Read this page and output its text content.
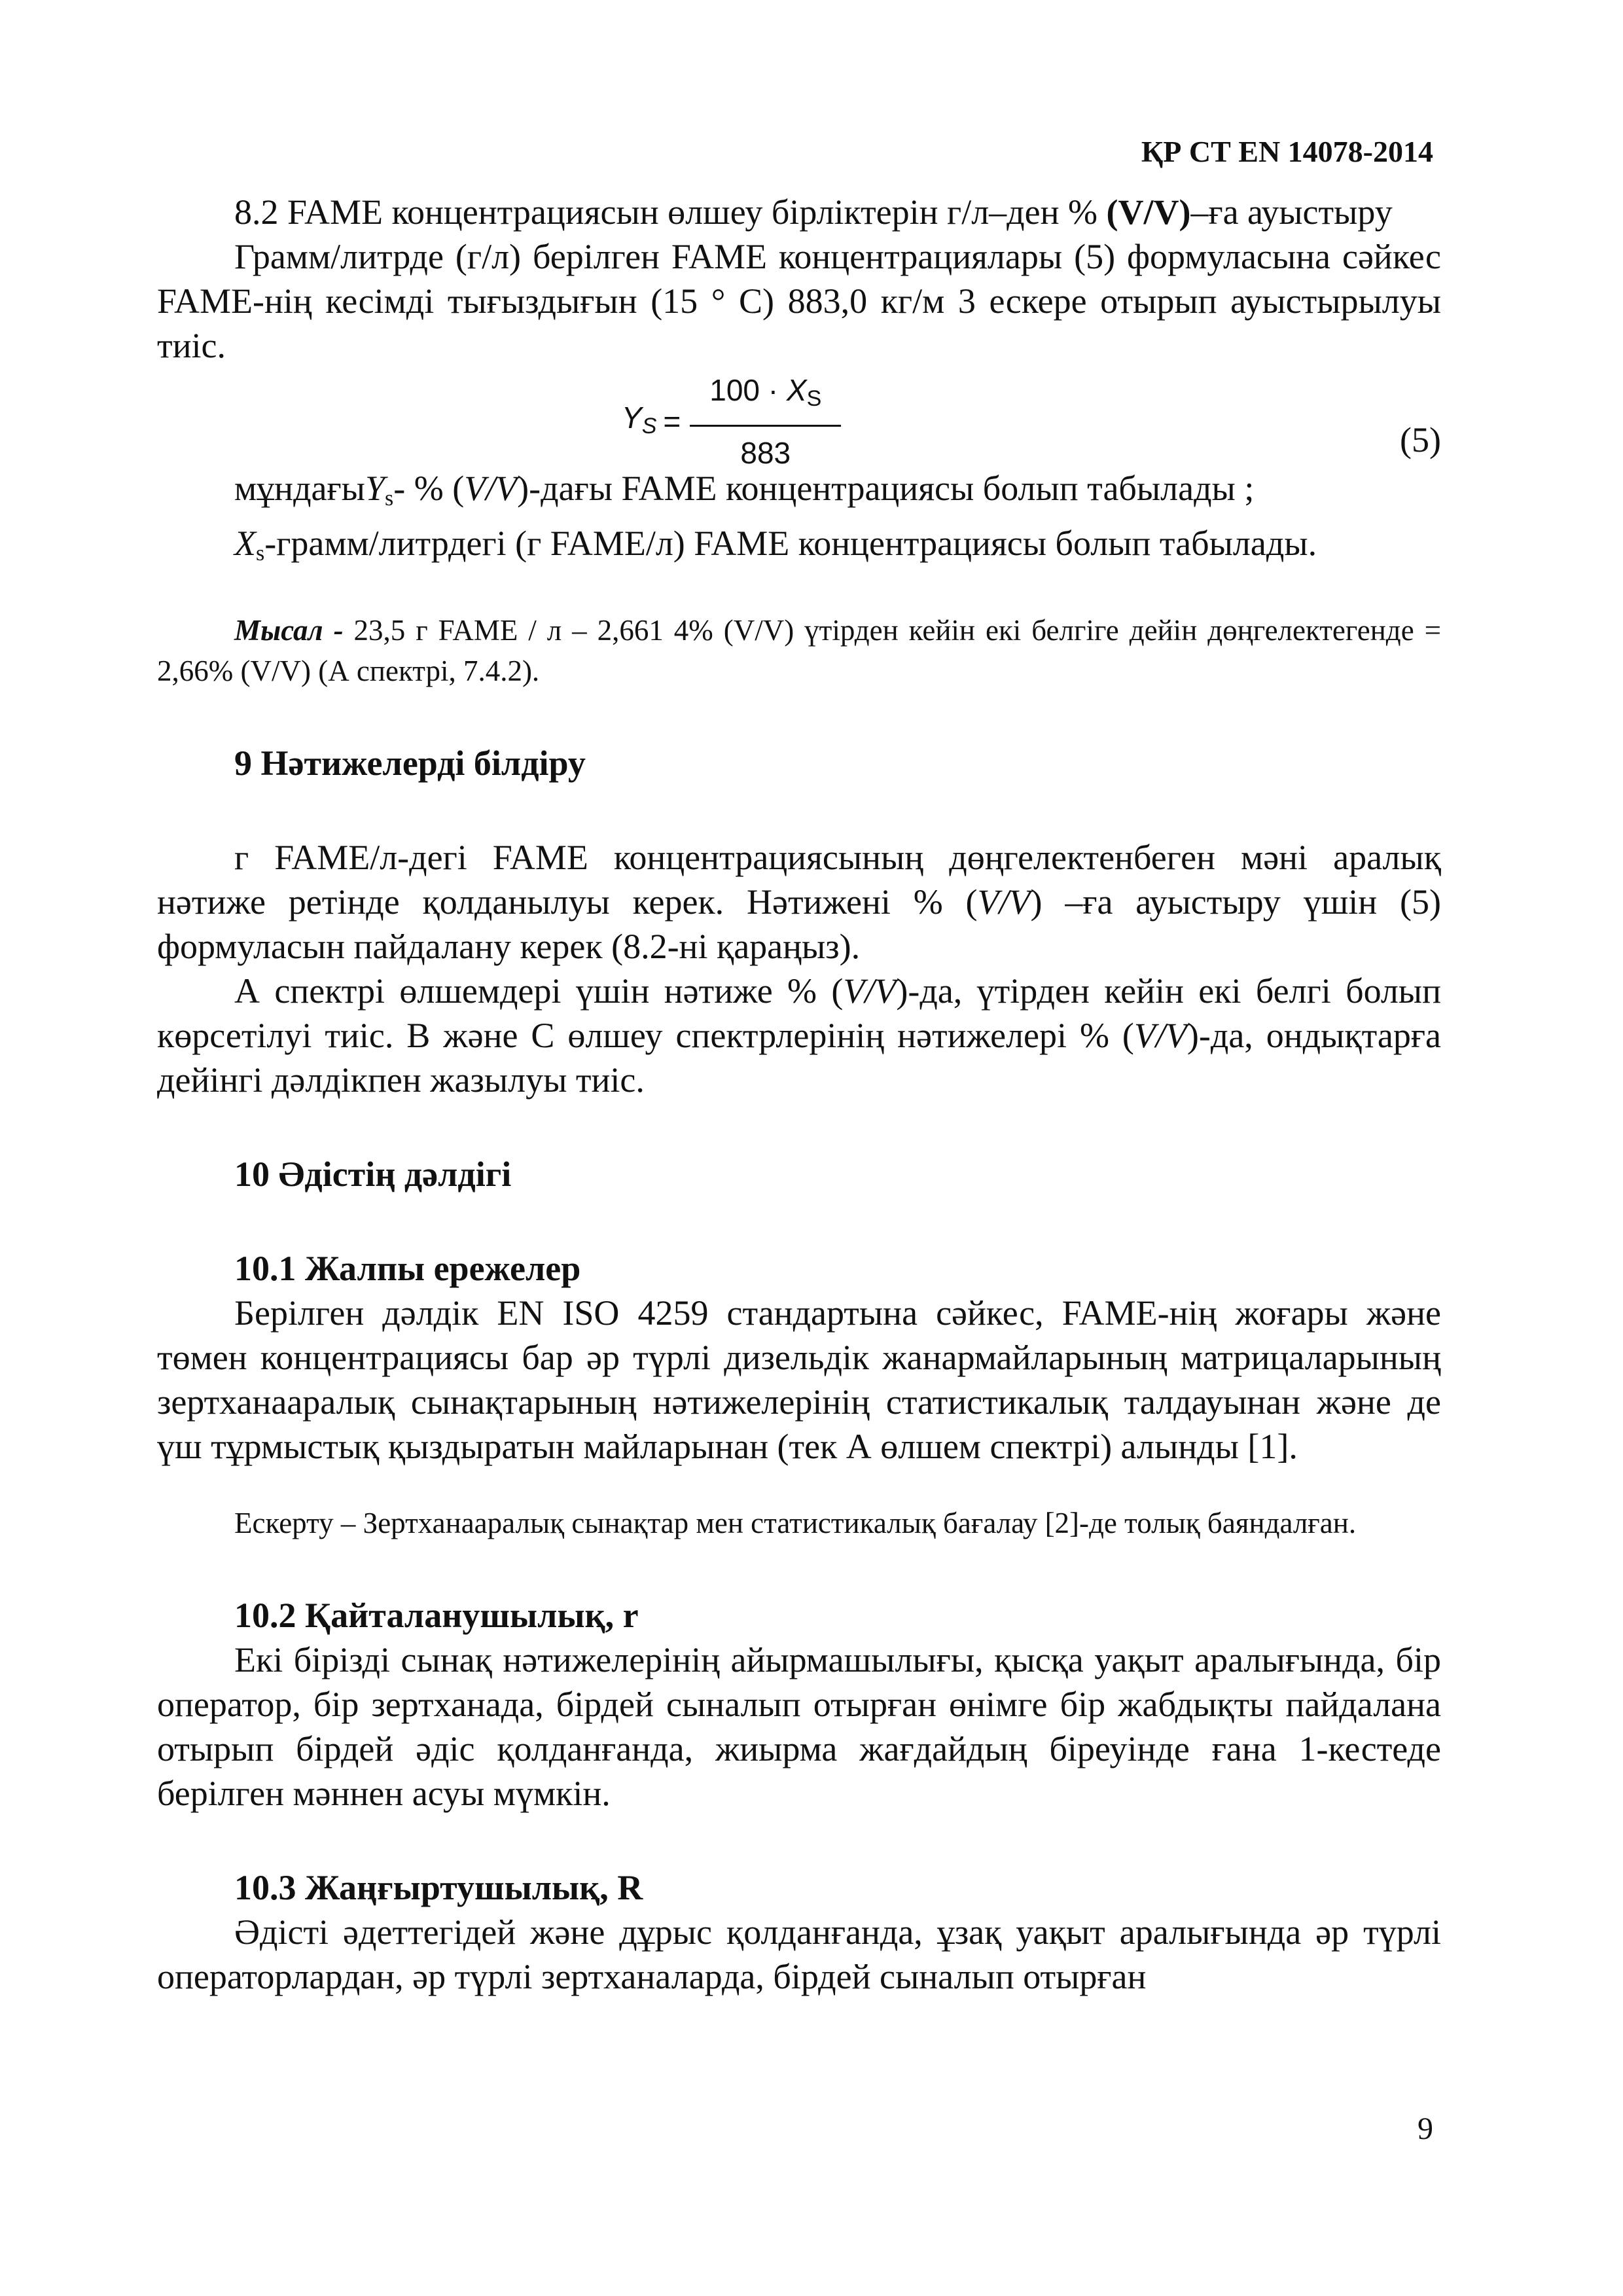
ҚР СТ EN 14078-2014

8.2 FAME концентрациясын өлшеу бірліктерін г/л–ден % (V/V)–ға ауыстыру

Грамм/литрде (г/л) берілген FAME концентрациялары (5) формуласына сәйкес FAME-нің кесімді тығыздығын (15 ° С) 883,0 кг/м 3 ескере отырып ауыстырылуы тиіс.

$Y_S = \frac{100 \cdot X_S}{883}$	(5)

мұндағыY$_s$- % (V/V)-дағы FAME концентрациясы болып табылады ;

$X_s-грамм$/литрдегі (г FAME/л) FAME концентрациясы болып табылады.

Мысал - 23,5 г FAME / л – 2,661 4% (V/V) үтірден кейін екі белгіге дейін дөңгелектегенде = 2,66% (V/V) (А спектрі, 7.4.2).

9 Нәтижелерді білдіру

г FAME/л-дегі FAME концентрациясының дөңгелектенбеген мәні аралық нәтиже ретінде қолданылуы керек. Нәтижені % (V/V) –ға ауыстыру үшін (5) формуласын пайдалану керек (8.2-ні қараңыз).

А спектрі өлшемдері үшін нәтиже % (V/V)-да, үтірден кейін екі белгі болып көрсетілуі тиіс. В және С өлшеу спектрлерінің нәтижелері % (V/V)-да, ондықтарға дейінгі дәлдікпен жазылуы тиіс.

10 Әдістің дәлдігі

10.1 Жалпы ережелер

Берілген дәлдік EN ISO 4259 стандартына сәйкес, FAME-нің жоғары және төмен концентрациясы бар әр түрлі дизельдік жанармайларының матрицаларының зертханааралық сынақтарының нәтижелерінің статистикалық талдауынан және де үш тұрмыстық қыздыратын майларынан (тек А өлшем спектрі) алынды [1].

Ескерту – Зертханааралық сынақтар мен статистикалық бағалау [2]-де толық баяндалған.

10.2 Қайталанушылық, r

Екі бірізді сынақ нәтижелерінің айырмашылығы, қысқа уақыт аралығында, бір оператор, бір зертханада, бірдей сыналып отырған өнімге бір жабдықты пайдалана отырып бірдей әдіс қолданғанда, жиырма жағдайдың біреуінде ғана 1-кестеде берілген мәннен асуы мүмкін.

10.3 Жаңғыртушылық, R

Әдісті әдеттегідей және дұрыс қолданғанда, ұзақ уақыт аралығында әр түрлі операторлардан, әр түрлі зертханаларда, бірдей сыналып отырған

9
